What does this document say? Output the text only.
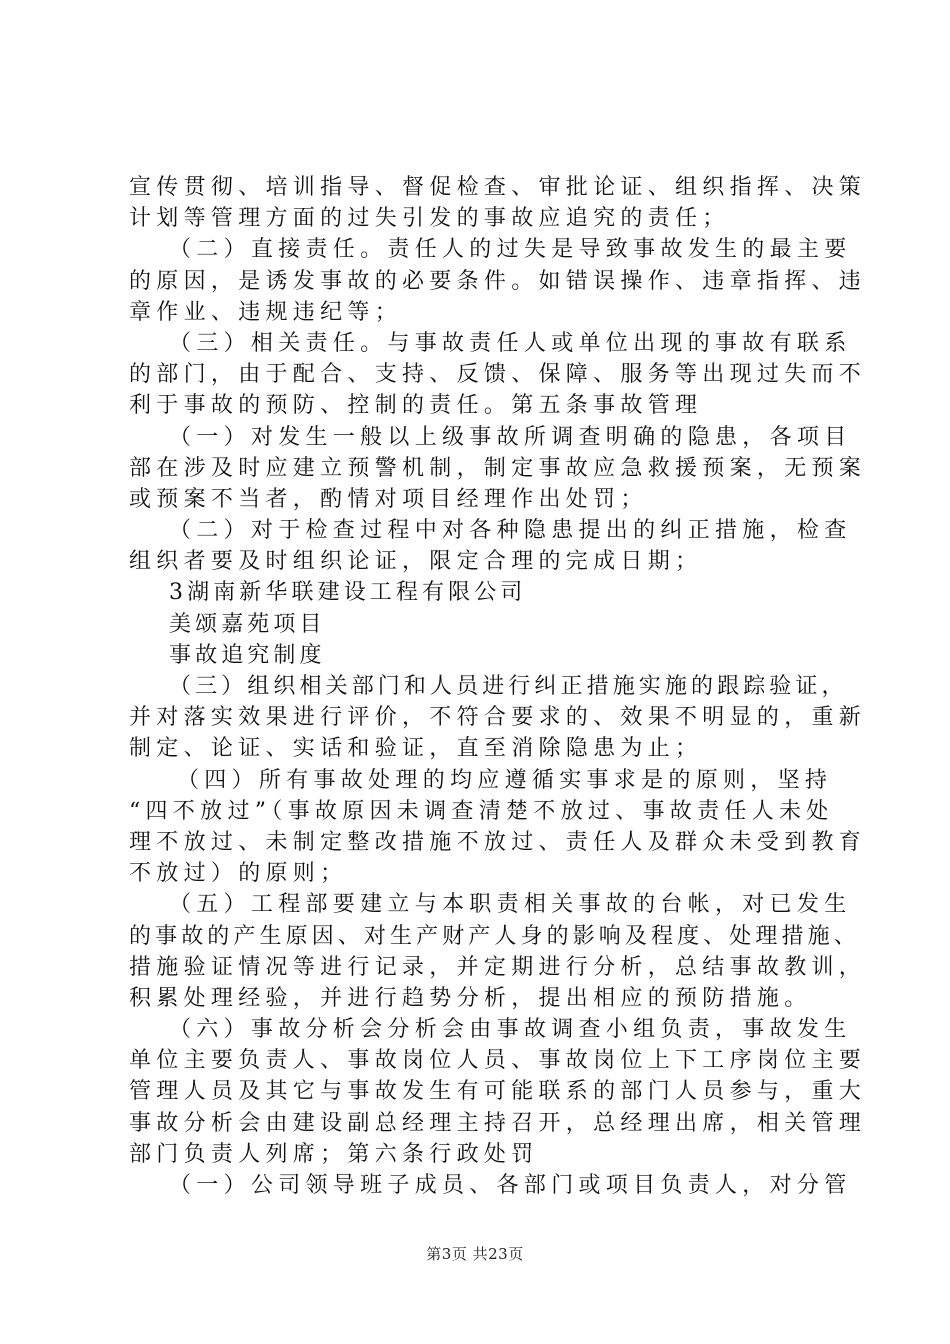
宣传贯彻、培训指导、督促检查、审批论证、组织指挥、决策
计划等管理方面的过失引发的事故应追究的责任；
（二）直接责任。责任人的过失是导致事故发生的最主要
的原因，是诱发事故的必要条件。如错误操作、违章指挥、违
章作业、违规违纪等；
（三）相关责任。与事故责任人或单位出现的事故有联系
的部门，由于配合、支持、反馈、保障、服务等出现过失而不
利于事故的预防、控制的责任。第五条事故管理
（一）对发生一般以上级事故所调查明确的隐患，各项目
部在涉及时应建立预警机制，制定事故应急救援预案，无预案
或预案不当者，酌情对项目经理作出处罚；
（二）对于检查过程中对各种隐患提出的纠正措施，检查
组织者要及时组织论证，限定合理的完成日期；
3湖南新华联建设工程有限公司
美颂嘉苑项目
事故追究制度
（三）组织相关部门和人员进行纠正措施实施的跟踪验证，
并对落实效果进行评价，不符合要求的、效果不明显的，重新
制定、论证、实话和验证，直至消除隐患为止；
（四）所有事故处理的均应遵循实事求是的原则，坚持
“四不放过”（事故原因未调查清楚不放过、事故责任人未处
理不放过、未制定整改措施不放过、责任人及群众未受到教育
不放过）的原则；
（五）工程部要建立与本职责相关事故的台帐，对已发生
的事故的产生原因、对生产财产人身的影响及程度、处理措施、
措施验证情况等进行记录，并定期进行分析，总结事故教训，
积累处理经验，并进行趋势分析，提出相应的预防措施。
（六）事故分析会分析会由事故调查小组负责，事故发生
单位主要负责人、事故岗位人员、事故岗位上下工序岗位主要
管理人员及其它与事故发生有可能联系的部门人员参与，重大
事故分析会由建设副总经理主持召开，总经理出席，相关管理
部门负责人列席；第六条行政处罚
（一）公司领导班子成员、各部门或项目负责人，对分管
第3页 共23页
